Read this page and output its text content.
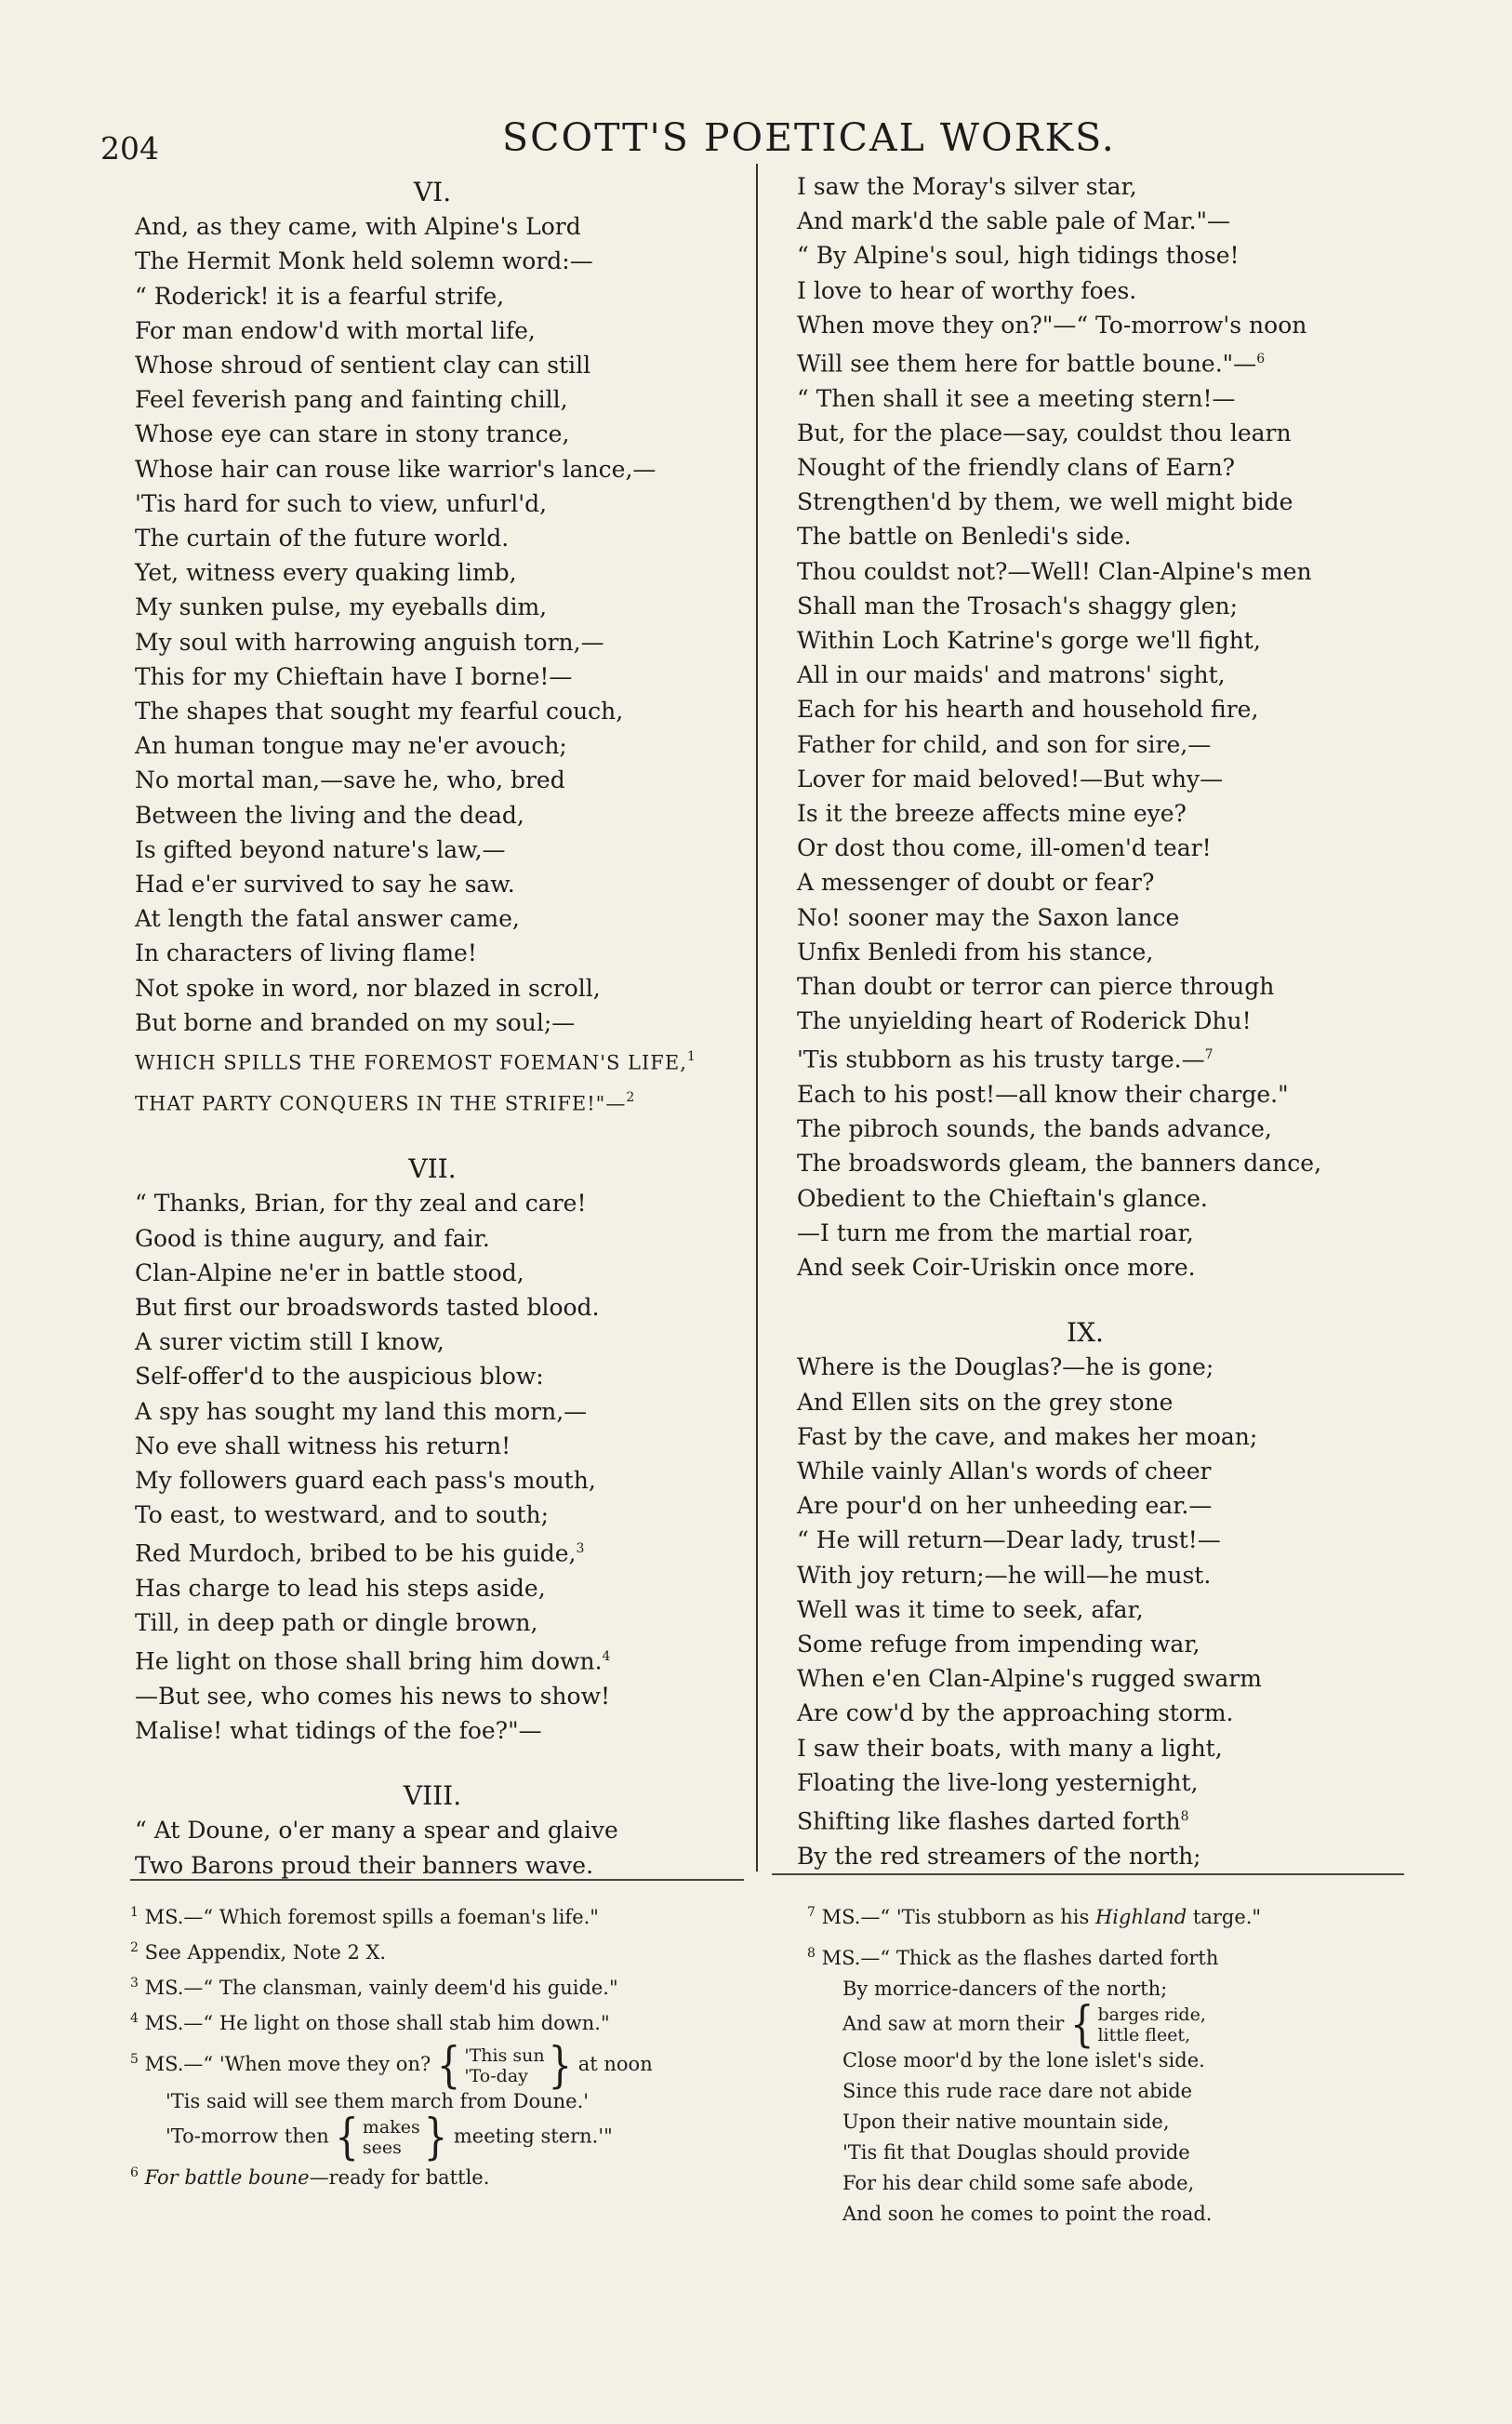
204	SCOTT'S POETICAL WORKS.
VI.
And, as they came, with Alpine's Lord
The Hermit Monk held solemn word:—
“ Roderick! it is a fearful strife,
For man endow'd with mortal life,
Whose shroud of sentient clay can still
Feel feverish pang and fainting chill,
Whose eye can stare in stony trance,
Whose hair can rouse like warrior's lance,—
'Tis hard for such to view, unfurl'd,
The curtain of the future world.
Yet, witness every quaking limb,
My sunken pulse, my eyeballs dim,
My soul with harrowing anguish torn,—
This for my Chieftain have I borne!—
The shapes that sought my fearful couch,
An human tongue may ne'er avouch;
No mortal man,—save he, who, bred
Between the living and the dead,
Is gifted beyond nature's law,—
Had e'er survived to say he saw.
At length the fatal answer came,
In characters of living flame!
Not spoke in word, nor blazed in scroll,
But borne and branded on my soul;—
WHICH SPILLS THE FOREMOST FOEMAN'S LIFE,$^1$
THAT PARTY CONQUERS IN THE STRIFE!"—$^2$
VII.
“ Thanks, Brian, for thy zeal and care!
Good is thine augury, and fair.
Clan-Alpine ne'er in battle stood,
But first our broadswords tasted blood.
A surer victim still I know,
Self-offer'd to the auspicious blow:
A spy has sought my land this morn,—
No eve shall witness his return!
My followers guard each pass's mouth,
To east, to westward, and to south;
Red Murdoch, bribed to be his guide,$^3$
Has charge to lead his steps aside,
Till, in deep path or dingle brown,
He light on those shall bring him down.$^4$
—But see, who comes his news to show!
Malise! what tidings of the foe?"—
VIII.
“ At Doune, o'er many a spear and glaive
Two Barons proud their banners wave.
I saw the Moray's silver star,
And mark'd the sable pale of Mar."—
“ By Alpine's soul, high tidings those!
I love to hear of worthy foes.
When move they on?"—“ To-morrow's noon
Will see them here for battle boune."—$^6$
“ Then shall it see a meeting stern!—
But, for the place—say, couldst thou learn
Nought of the friendly clans of Earn?
Strengthen'd by them, we well might bide
The battle on Benledi's side.
Thou couldst not?—Well! Clan-Alpine's men
Shall man the Trosach's shaggy glen;
Within Loch Katrine's gorge we'll fight,
All in our maids' and matrons' sight,
Each for his hearth and household fire,
Father for child, and son for sire,—
Lover for maid beloved!—But why—
Is it the breeze affects mine eye?
Or dost thou come, ill-omen'd tear!
A messenger of doubt or fear?
No! sooner may the Saxon lance
Unfix Benledi from his stance,
Than doubt or terror can pierce through
The unyielding heart of Roderick Dhu!
'Tis stubborn as his trusty targe.—$^7$
Each to his post!—all know their charge."
The pibroch sounds, the bands advance,
The broadswords gleam, the banners dance,
Obedient to the Chieftain's glance.
—I turn me from the martial roar,
And seek Coir-Uriskin once more.
IX.
Where is the Douglas?—he is gone;
And Ellen sits on the grey stone
Fast by the cave, and makes her moan;
While vainly Allan's words of cheer
Are pour'd on her unheeding ear.—
“ He will return—Dear lady, trust!—
With joy return;—he will—he must.
Well was it time to seek, afar,
Some refuge from impending war,
When e'en Clan-Alpine's rugged swarm
Are cow'd by the approaching storm.
I saw their boats, with many a light,
Floating the live-long yesternight,
Shifting like flashes darted forth$^8$
By the red streamers of the north;
$^1$ MS.—“ Which foremost spills a foeman's life."
$^2$ See Appendix, Note 2 X.
$^3$ MS.—“ The clansman, vainly deem'd his guide."
$^4$ MS.—“ He light on those shall stab him down."
$^5$ MS.—“ 'When move they on? { 'This sun
'To-day } at noon
'Tis said will see them march from Doune.'
'To-morrow then { makes
sees } meeting stern.'"
$^6$ For battle boune—ready for battle.
$^7$ MS.—“ 'Tis stubborn as his Highland targe."
$^8$ MS.—“ Thick as the flashes darted forth
By morrice-dancers of the north;
And saw at morn their { barges ride,
little fleet,
Close moor'd by the lone islet's side.
Since this rude race dare not abide
Upon their native mountain side,
'Tis fit that Douglas should provide
For his dear child some safe abode,
And soon he comes to point the road.
